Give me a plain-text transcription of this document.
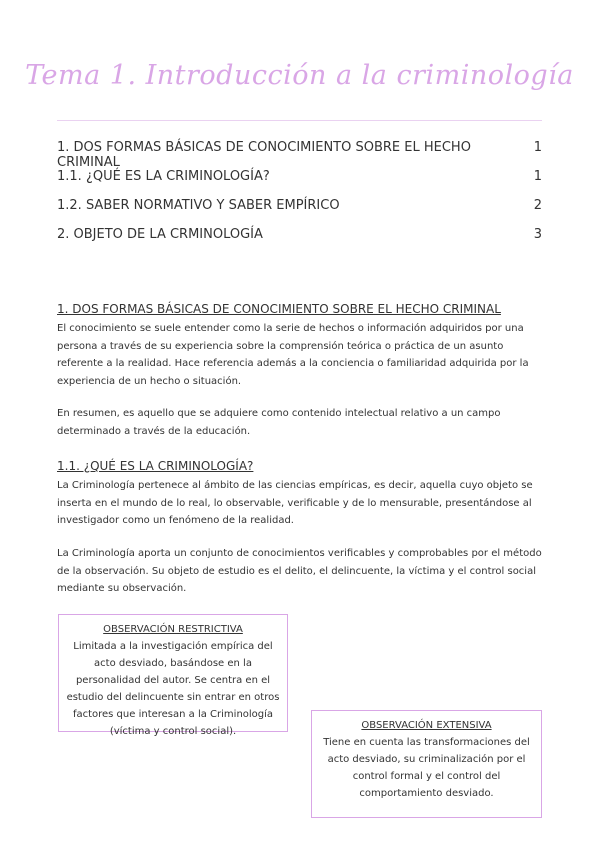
Tema 1. Introducción a la criminología
1. DOS FORMAS BÁSICAS DE CONOCIMIENTO SOBRE EL HECHO CRIMINAL
1
1.1. ¿QUÉ ES LA CRIMINOLOGÍA?	1
1.2. SABER NORMATIVO Y SABER EMPÍRICO	2
2. OBJETO DE LA CRMINOLOGÍA	3
1. DOS FORMAS BÁSICAS DE CONOCIMIENTO SOBRE EL HECHO CRIMINAL

El conocimiento se suele entender como la serie de hechos o información adquiridos por una persona a través de su experiencia sobre la comprensión teórica o práctica de un asunto referente a la realidad. Hace referencia además a la conciencia o familiaridad adquirida por la experiencia de un hecho o situación.

En resumen, es aquello que se adquiere como contenido intelectual relativo a un campo determinado a través de la educación.

1.1. ¿QUÉ ES LA CRIMINOLOGÍA?

La Criminología pertenece al ámbito de las ciencias empíricas, es decir, aquella cuyo objeto se inserta en el mundo de lo real, lo observable, verificable y de lo mensurable, presentándose al investigador como un fenómeno de la realidad.

La Criminología aporta un conjunto de conocimientos verificables y comprobables por el método de la observación. Su objeto de estudio es el delito, el delincuente, la víctima y el control social mediante su observación.

OBSERVACIÓN RESTRICTIVA
Limitada a la investigación empírica del acto desviado, basándose en la personalidad del autor. Se centra en el estudio del delincuente sin entrar en otros factores que interesan a la Criminología (víctima y control social).
OBSERVACIÓN EXTENSIVA
Tiene en cuenta las transformaciones del acto desviado, su criminalización por el control formal y el control del comportamiento desviado.
